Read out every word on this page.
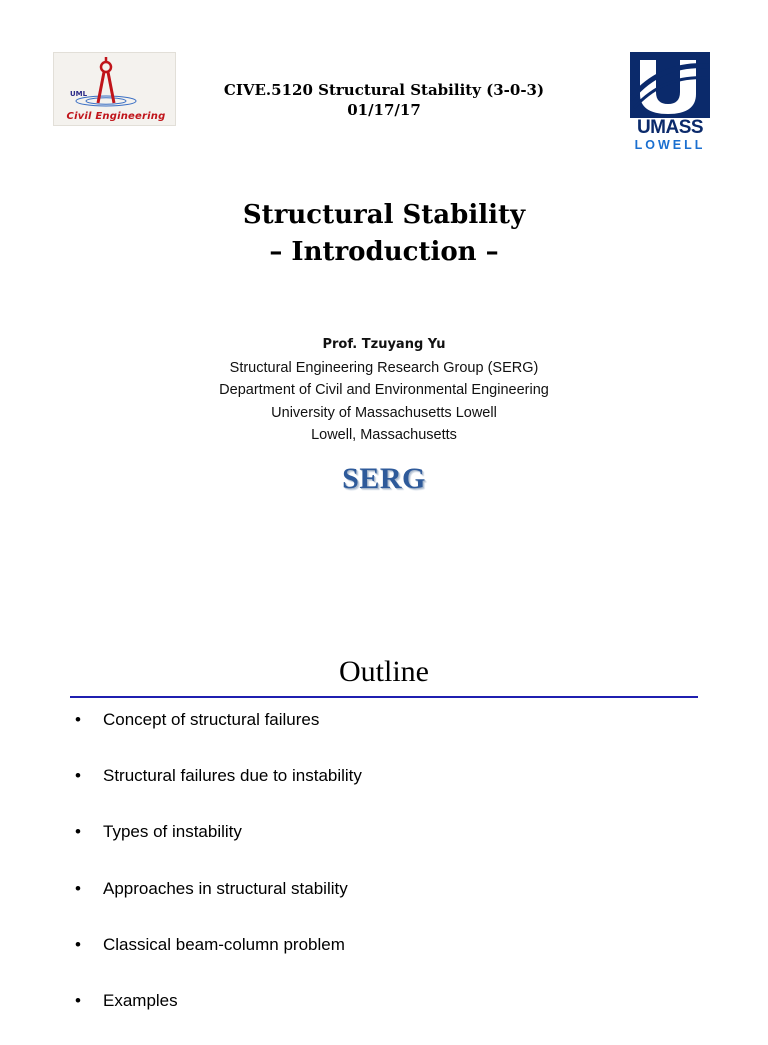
UML
Civil Engineering
CIVE.5120 Structural Stability (3-0-3)
01/17/17
UMASS
LOWELL
Structural Stability
– Introduction –
Prof. Tzuyang Yu
Structural Engineering Research Group (SERG)
Department of Civil and Environmental Engineering
University of Massachusetts Lowell
Lowell, Massachusetts
SERG
Outline
• Concept of structural failures
• Structural failures due to instability
• Types of instability
• Approaches in structural stability
• Classical beam-column problem
• Examples
